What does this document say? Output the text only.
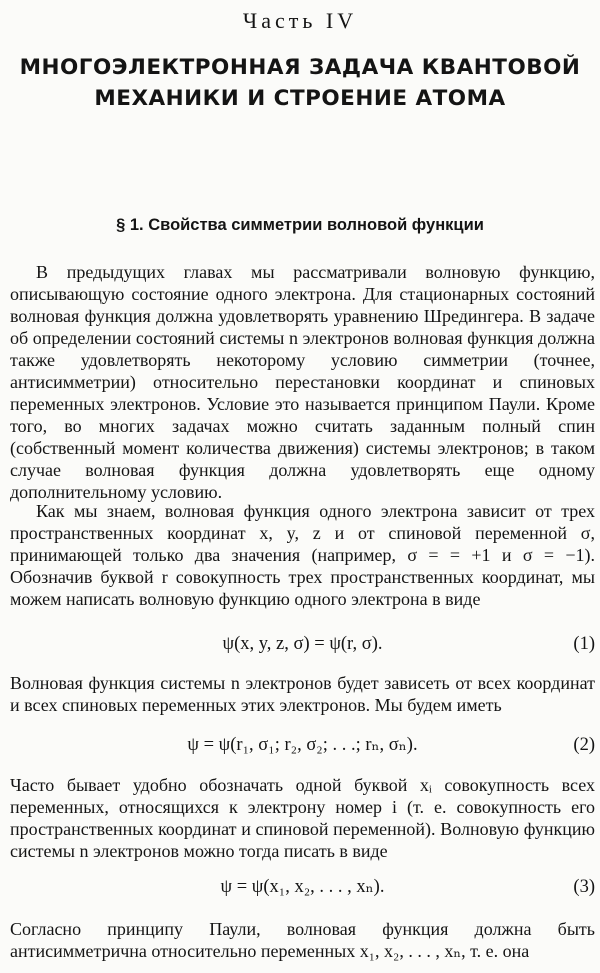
Часть IV
МНОГОЭЛЕКТРОННАЯ ЗАДАЧА КВАНТОВОЙ
МЕХАНИКИ И СТРОЕНИЕ АТОМА
§ 1. Свойства симметрии волновой функции
В предыдущих главах мы рассматривали волновую функцию, описывающую состояние одного электрона. Для стационарных состояний волновая функция должна удовлетворять уравнению Шредингера. В задаче об определении состояний системы n электронов волновая функция должна также удовлетворять некоторому условию симметрии (точнее, антисимметрии) относительно перестановки координат и спиновых переменных электронов. Условие это называется принципом Паули. Кроме того, во многих задачах можно считать заданным полный спин (собственный момент количества движения) системы электронов; в таком случае волновая функция должна удовлетворять еще одному дополнительному условию.
Как мы знаем, волновая функция одного электрона зависит от трех пространственных координат x, y, z и от спиновой переменной σ, принимающей только два значения (например, σ = = +1 и σ = −1). Обозначив буквой r совокупность трех пространственных координат, мы можем написать волновую функцию одного электрона в виде
ψ(x, y, z, σ) = ψ(r, σ).	(1)
Волновая функция системы n электронов будет зависеть от всех координат и всех спиновых переменных этих электронов. Мы будем иметь
ψ = ψ(r₁, σ₁; r₂, σ₂; . . .; rₙ, σₙ).	(2)
Часто бывает удобно обозначать одной буквой xᵢ совокупность всех переменных, относящихся к электрону номер i (т. е. совокупность его пространственных координат и спиновой переменной). Волновую функцию системы n электронов можно тогда писать в виде
ψ = ψ(x₁, x₂, . . . , xₙ).	(3)
Согласно принципу Паули, волновая функция должна быть антисимметрична относительно переменных x₁, x₂, . . . , xₙ, т. е. она
